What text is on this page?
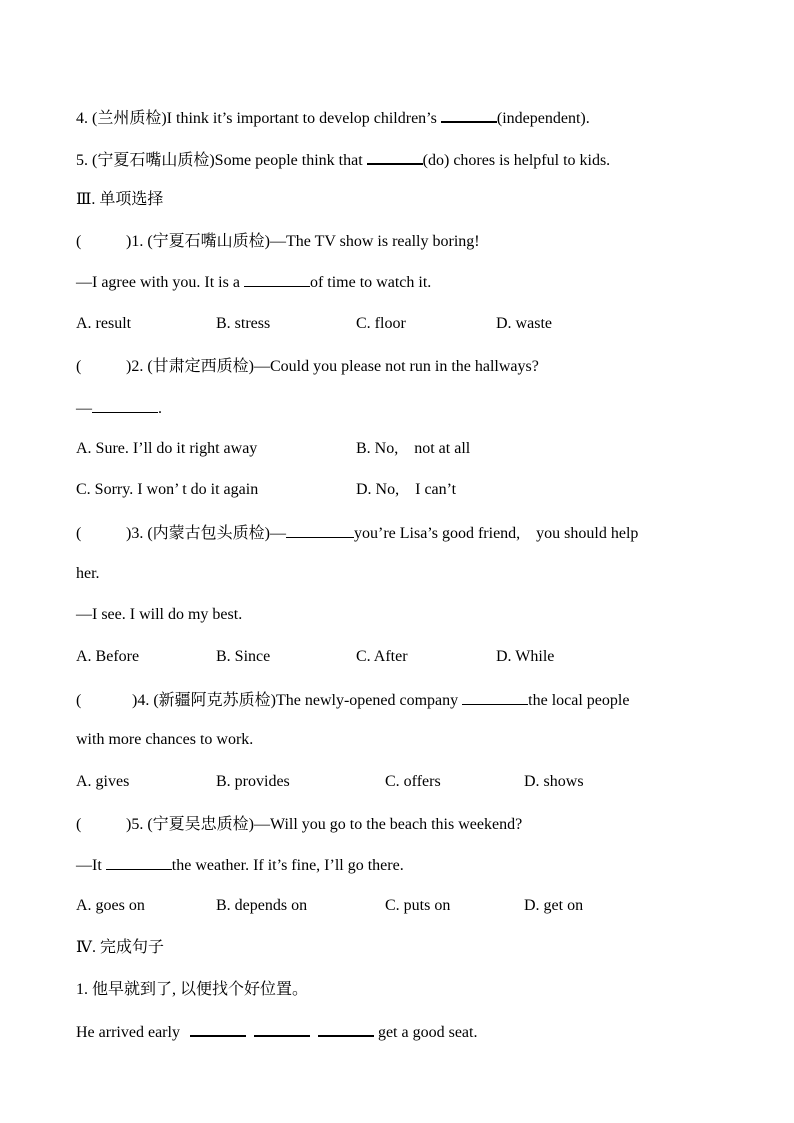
4. (兰州质检)I think it’s important to develop children’s	(independent).
5. (宁夏石嘴山质检)Some people think that	(do) chores is helpful to kids.
Ⅲ. 单项选择
(	)1. (宁夏石嘴山质检)—The TV show is really boring!
—I agree with you. It is a	of time to watch it.
A. result	B. stress	C. floor	D. waste
(	)2. (甘肃定西质检)—Could you please not run in the hallways?
—	.
A. Sure. I’ll do it right away	B. No,　not at all
C. Sorry. I won’ t do it again	D. No,　I can’t
(	)3. (内蒙古包头质检)—	you’re Lisa’s good friend,　you should help
her.
—I see. I will do my best.
A. Before	B. Since	C. After	D. While
(	)4. (新疆阿克苏质检)The newly-opened company	the local people
with more chances to work.
A. gives	B. provides	C. offers	D. shows
(	)5. (宁夏吴忠质检)—Will you go to the beach this weekend?
—It	the weather. If it’s fine, I’ll go there.
A. goes on	B. depends on	C. puts on	D. get on
Ⅳ. 完成句子
1. 他早就到了, 以便找个好位置。
He arrived early	get a good seat.
